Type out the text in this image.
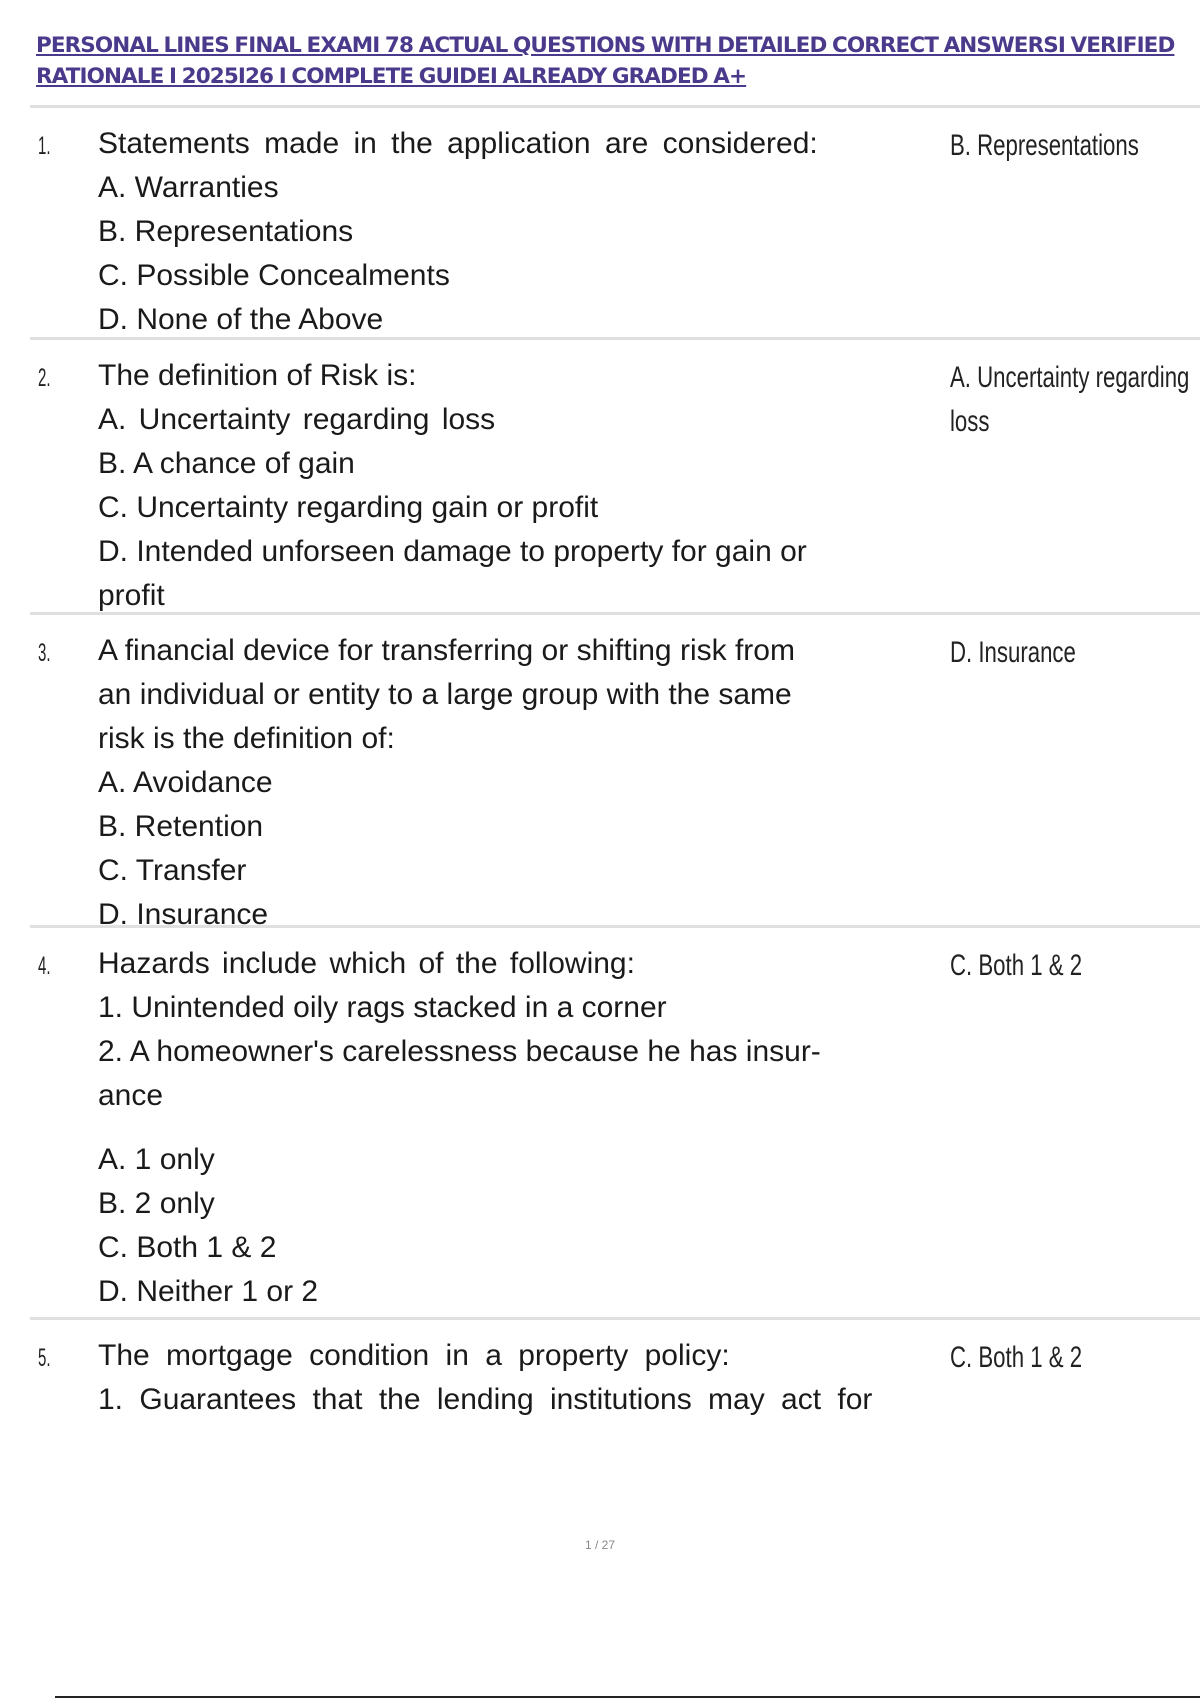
PERSONAL LINES FINAL EXAMI 78 ACTUAL QUESTIONS WITH DETAILED CORRECT ANSWERSI VERIFIED
RATIONALE I 2025I26 I COMPLETE GUIDEI ALREADY GRADED A+
1. Statements made in the application are considered:
A. Warranties
B. Representations
C. Possible Concealments
D. None of the Above
B. Representations
2. The definition of Risk is:
A. Uncertainty regarding loss
B. A chance of gain
C. Uncertainty regarding gain or profit
D. Intended unforseen damage to property for gain or
profit
A. Uncertainty regarding
loss
3. A financial device for transferring or shifting risk from
an individual or entity to a large group with the same
risk is the definition of:
A. Avoidance
B. Retention
C. Transfer
D. Insurance
D. Insurance
4. Hazards include which of the following:
1. Unintended oily rags stacked in a corner
2. A homeowner's carelessness because he has insur-
ance
A. 1 only
B. 2 only
C. Both 1 & 2
D. Neither 1 or 2
C. Both 1 & 2
5. The mortgage condition in a property policy:
1. Guarantees that the lending institutions may act for
C. Both 1 & 2
1 / 27
